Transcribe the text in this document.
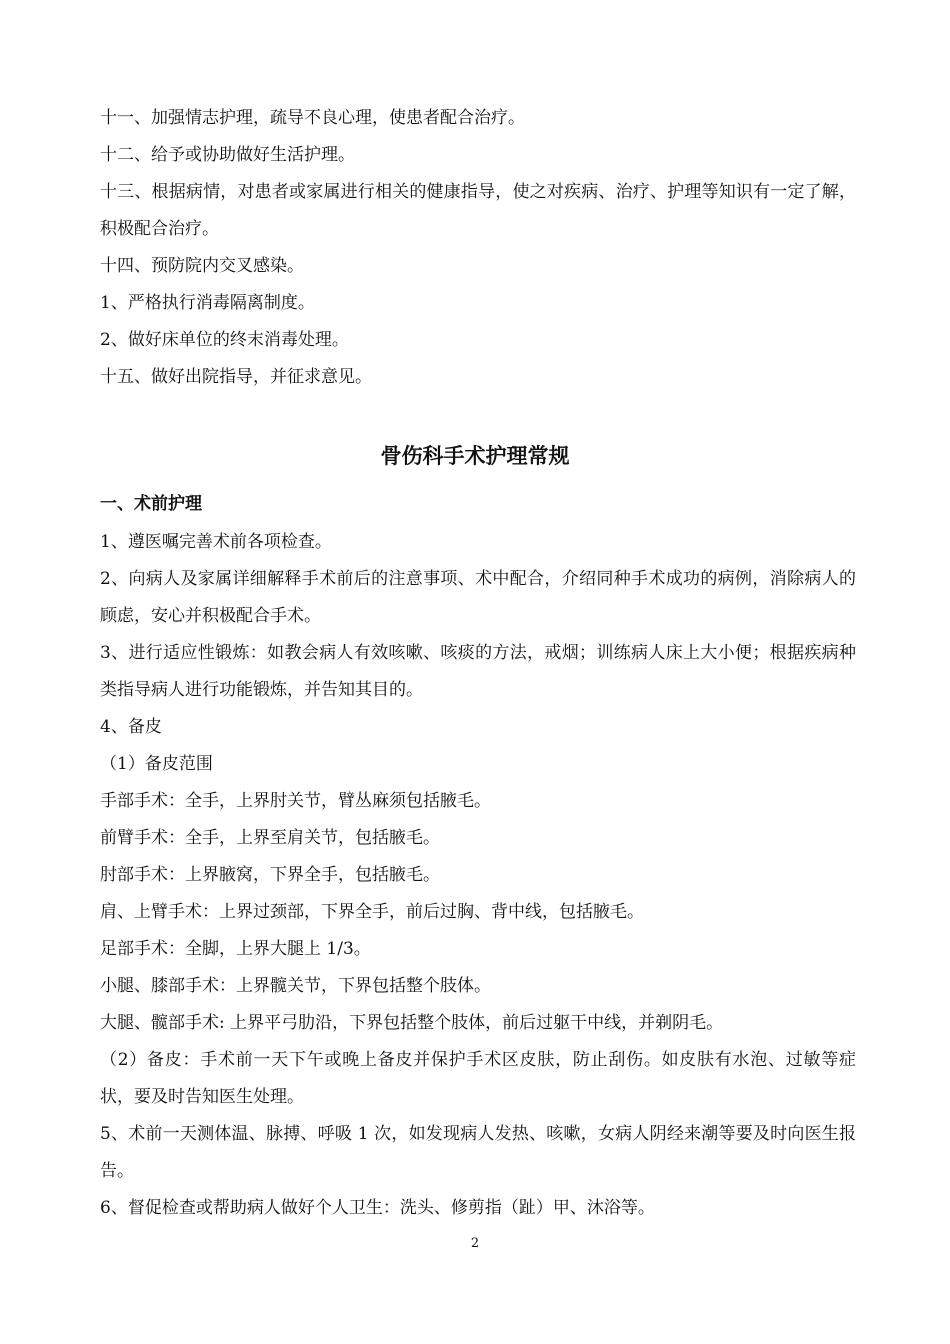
十一、加强情志护理，疏导不良心理，使患者配合治疗。

十二、给予或协助做好生活护理。

十三、根据病情，对患者或家属进行相关的健康指导，使之对疾病、治疗、护理等知识有一定了解，积极配合治疗。

十四、预防院内交叉感染。

1、严格执行消毒隔离制度。

2、做好床单位的终末消毒处理。

十五、做好出院指导，并征求意见。

骨伤科手术护理常规
一、术前护理

1、遵医嘱完善术前各项检查。

2、向病人及家属详细解释手术前后的注意事项、术中配合，介绍同种手术成功的病例，消除病人的顾虑，安心并积极配合手术。

3、进行适应性锻炼：如教会病人有效咳嗽、咳痰的方法，戒烟；训练病人床上大小便；根据疾病种类指导病人进行功能锻炼，并告知其目的。

4、备皮

（1）备皮范围

手部手术：全手，上界肘关节，臂丛麻须包括腋毛。

前臂手术：全手，上界至肩关节，包括腋毛。

肘部手术：上界腋窝，下界全手，包括腋毛。

肩、上臂手术：上界过颈部，下界全手，前后过胸、背中线，包括腋毛。

足部手术：全脚，上界大腿上 1/3。

小腿、膝部手术：上界髋关节，下界包括整个肢体。

大腿、髋部手术: 上界平弓肋沿，下界包括整个肢体，前后过躯干中线，并剃阴毛。

（2）备皮：手术前一天下午或晚上备皮并保护手术区皮肤，防止刮伤。如皮肤有水泡、过敏等症状，要及时告知医生处理。

5、术前一天测体温、脉搏、呼吸 1 次，如发现病人发热、咳嗽，女病人阴经来潮等要及时向医生报告。

6、督促检查或帮助病人做好个人卫生：洗头、修剪指（趾）甲、沐浴等。

2
